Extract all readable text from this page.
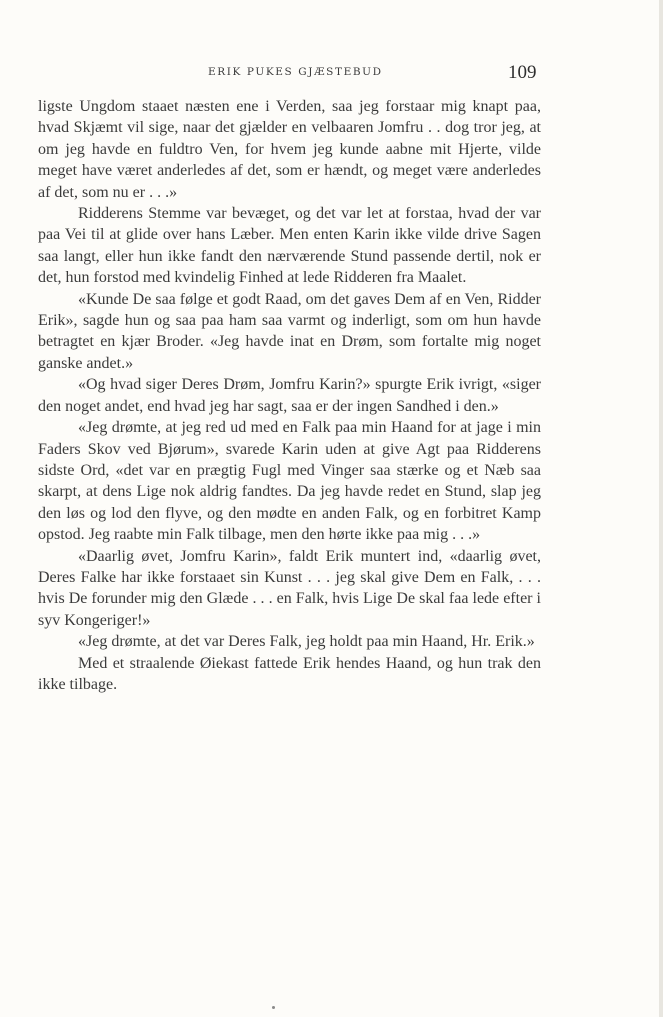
ERIK PUKES GJÆSTEBUD	109

ligste Ungdom staaet næsten ene i Verden, saa jeg forstaar mig knapt paa, hvad Skjæmt vil sige, naar det gjælder en velbaaren Jomfru . . dog tror jeg, at om jeg havde en fuldtro Ven, for hvem jeg kunde aabne mit Hjerte, vilde meget have været anderledes af det, som er hændt, og meget være anderledes af det, som nu er . . .»

Ridderens Stemme var bevæget, og det var let at forstaa, hvad der var paa Vei til at glide over hans Læber. Men enten Karin ikke vilde drive Sagen saa langt, eller hun ikke fandt den nærværende Stund passende dertil, nok er det, hun forstod med kvindelig Finhed at lede Ridderen fra Maalet.

«Kunde De saa følge et godt Raad, om det gaves Dem af en Ven, Ridder Erik», sagde hun og saa paa ham saa varmt og inderligt, som om hun havde betragtet en kjær Broder. «Jeg havde inat en Drøm, som fortalte mig noget ganske andet.»

«Og hvad siger Deres Drøm, Jomfru Karin?» spurgte Erik ivrigt, «siger den noget andet, end hvad jeg har sagt, saa er der ingen Sandhed i den.»

«Jeg drømte, at jeg red ud med en Falk paa min Haand for at jage i min Faders Skov ved Bjørum», svarede Karin uden at give Agt paa Ridderens sidste Ord, «det var en prægtig Fugl med Vinger saa stærke og et Næb saa skarpt, at dens Lige nok aldrig fandtes. Da jeg havde redet en Stund, slap jeg den løs og lod den flyve, og den mødte en anden Falk, og en forbitret Kamp opstod. Jeg raabte min Falk tilbage, men den hørte ikke paa mig . . .»

«Daarlig øvet, Jomfru Karin», faldt Erik muntert ind, «daarlig øvet, Deres Falke har ikke forstaaet sin Kunst . . . jeg skal give Dem en Falk, . . . hvis De forunder mig den Glæde . . . en Falk, hvis Lige De skal faa lede efter i syv Kongeriger!»

«Jeg drømte, at det var Deres Falk, jeg holdt paa min Haand, Hr. Erik.»

Med et straalende Øiekast fattede Erik hendes Haand, og hun trak den ikke tilbage.
